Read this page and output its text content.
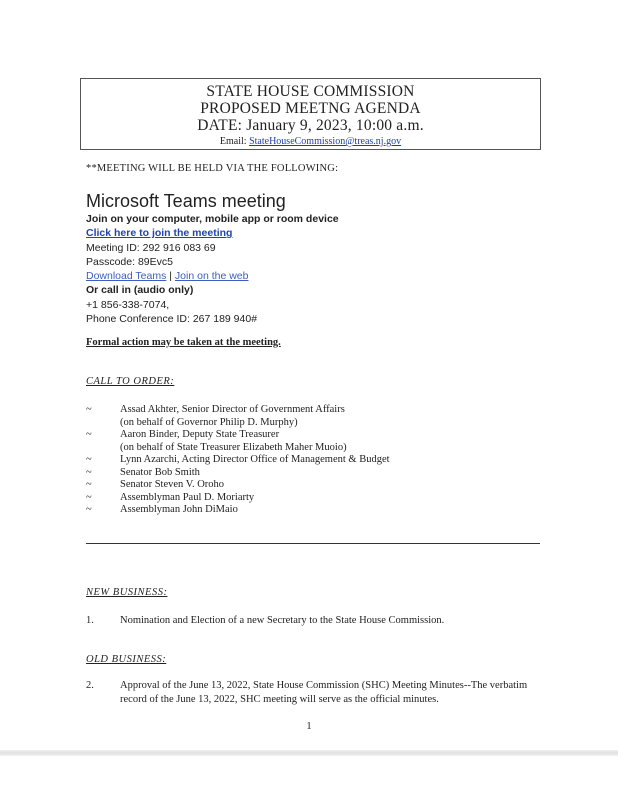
STATE HOUSE COMMISSION
PROPOSED MEETNG AGENDA
DATE: January 9, 2023, 10:00 a.m.
Email: StateHouseCommission@treas.nj.gov
**MEETING WILL BE HELD VIA THE FOLLOWING:
Microsoft Teams meeting
Join on your computer, mobile app or room device
Click here to join the meeting
Meeting ID: 292 916 083 69
Passcode: 89Evc5
Download Teams | Join on the web
Or call in (audio only)
+1 856-338-7074,
Phone Conference ID: 267 189 940#
Formal action may be taken at the meeting.
CALL TO ORDER:
~	Assad Akhter, Senior Director of Government Affairs
(on behalf of Governor Philip D. Murphy)
~	Aaron Binder, Deputy State Treasurer
(on behalf of State Treasurer Elizabeth Maher Muoio)
~	Lynn Azarchi, Acting Director Office of Management & Budget
~	Senator Bob Smith
~	Senator Steven V. Oroho
~	Assemblyman Paul D. Moriarty
~	Assemblyman John DiMaio
NEW BUSINESS:
1. Nomination and Election of a new Secretary to the State House Commission.
OLD BUSINESS:
2. Approval of the June 13, 2022, State House Commission (SHC) Meeting Minutes--The verbatim record of the June 13, 2022, SHC meeting will serve as the official minutes.
1
